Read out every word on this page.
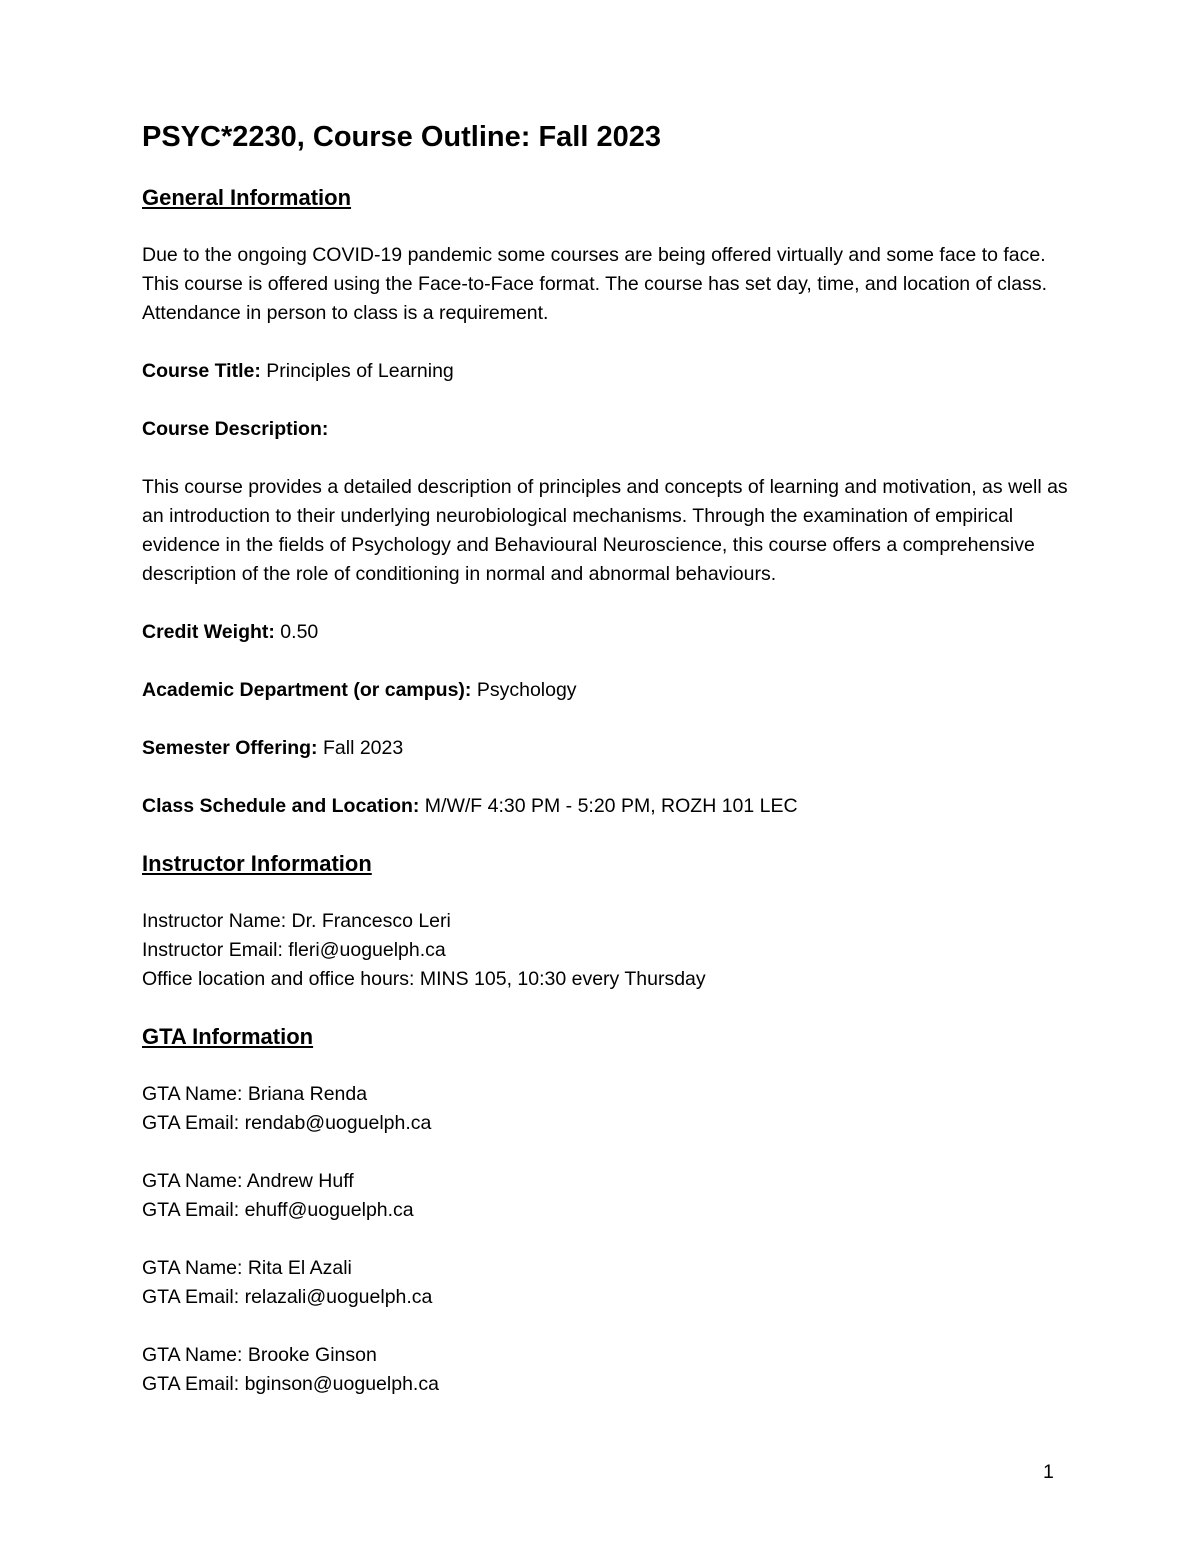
PSYC*2230, Course Outline: Fall 2023
General Information
Due to the ongoing COVID-19 pandemic some courses are being offered virtually and some face to face. This course is offered using the Face-to-Face format. The course has set day, time, and location of class. Attendance in person to class is a requirement.
Course Title: Principles of Learning
Course Description:
This course provides a detailed description of principles and concepts of learning and motivation, as well as an introduction to their underlying neurobiological mechanisms. Through the examination of empirical evidence in the fields of Psychology and Behavioural Neuroscience, this course offers a comprehensive description of the role of conditioning in normal and abnormal behaviours.
Credit Weight: 0.50
Academic Department (or campus): Psychology
Semester Offering: Fall 2023
Class Schedule and Location: M/W/F 4:30 PM - 5:20 PM, ROZH 101 LEC
Instructor Information
Instructor Name: Dr. Francesco Leri
Instructor Email: fleri@uoguelph.ca
Office location and office hours: MINS 105, 10:30 every Thursday
GTA Information
GTA Name: Briana Renda
GTA Email: rendab@uoguelph.ca
GTA Name: Andrew Huff
GTA Email: ehuff@uoguelph.ca
GTA Name: Rita El Azali
GTA Email: relazali@uoguelph.ca
GTA Name: Brooke Ginson
GTA Email: bginson@uoguelph.ca
1
